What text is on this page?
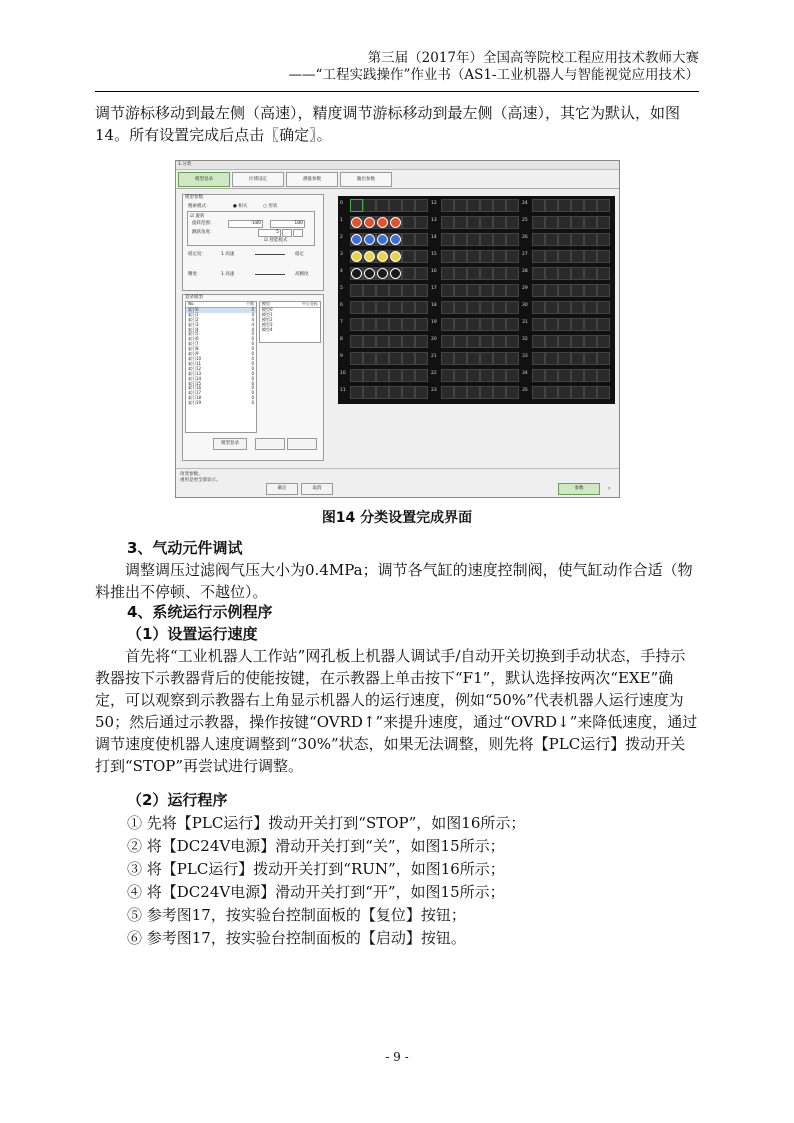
第三届（2017年）全国高等院校工程应用技术教师大赛
——“工程实践操作”作业书（AS1-工业机器人与智能视觉应用技术）

调节游标移动到最左侧（高速），精度调节游标移动到最左侧（高速），其它为默认，如图14。所有设置完成后点击〖确定〗。

1.分类
模型登录	区域设定	测量参数	输出参数
模型参数
搜索模式：	● 相关	○ 形状
☑ 旋转
旋转范围：	-180	180
跳跃角度：	5
☑ 智能模式
稳定度：	1 高速	稳定
精度：	1 高速	高精度
登录模型
No.	个数
索引0	0
索引1	4
索引2	4
索引3	4
索引4	4
索引5	0
索引6	0
索引7	0
索引8	0
索引9	0
索引10	0
索引11	0
索引12	0
索引13	0
索引14	0
索引15	0
索引16	0
索引17	0
索引18	0
索引19	0
模型	中心坐标
模型0
模型1
模型2
模型3
模型4
模型登录
0
1
2
3
4
5
6
7
8
9
10
11
12
13
14
15
16
17
18
19
20
21
22
23
24
25
26
27
28
29
30
31
32
33
34
35
改变参数。
重用是更全部显示。
确定	取消	参数	›
图14 分类设置完成界面

3、气动元件调试

调整调压过滤阀气压大小为0.4MPa；调节各气缸的速度控制阀，使气缸动作合适（物料推出不停顿、不越位）。

4、系统运行示例程序

（1）设置运行速度

首先将“工业机器人工作站”网孔板上机器人调试手/自动开关切换到手动状态，手持示教器按下示教器背后的使能按键，在示教器上单击按下“F1”，默认选择按两次“EXE”确定，可以观察到示教器右上角显示机器人的运行速度，例如“50%”代表机器人运行速度为50；然后通过示教器，操作按键“OVRD↑”来提升速度，通过“OVRD↓”来降低速度，通过调节速度使机器人速度调整到“30%”状态，如果无法调整，则先将【PLC运行】拨动开关打到“STOP”再尝试进行调整。

（2）运行程序

① 先将【PLC运行】拨动开关打到“STOP”，如图16所示；
② 将【DC24V电源】滑动开关打到“关”，如图15所示；
③ 将【PLC运行】拨动开关打到“RUN”，如图16所示；
④ 将【DC24V电源】滑动开关打到“开”，如图15所示；
⑤ 参考图17，按实验台控制面板的【复位】按钮；
⑥ 参考图17，按实验台控制面板的【启动】按钮。
- 9 -
